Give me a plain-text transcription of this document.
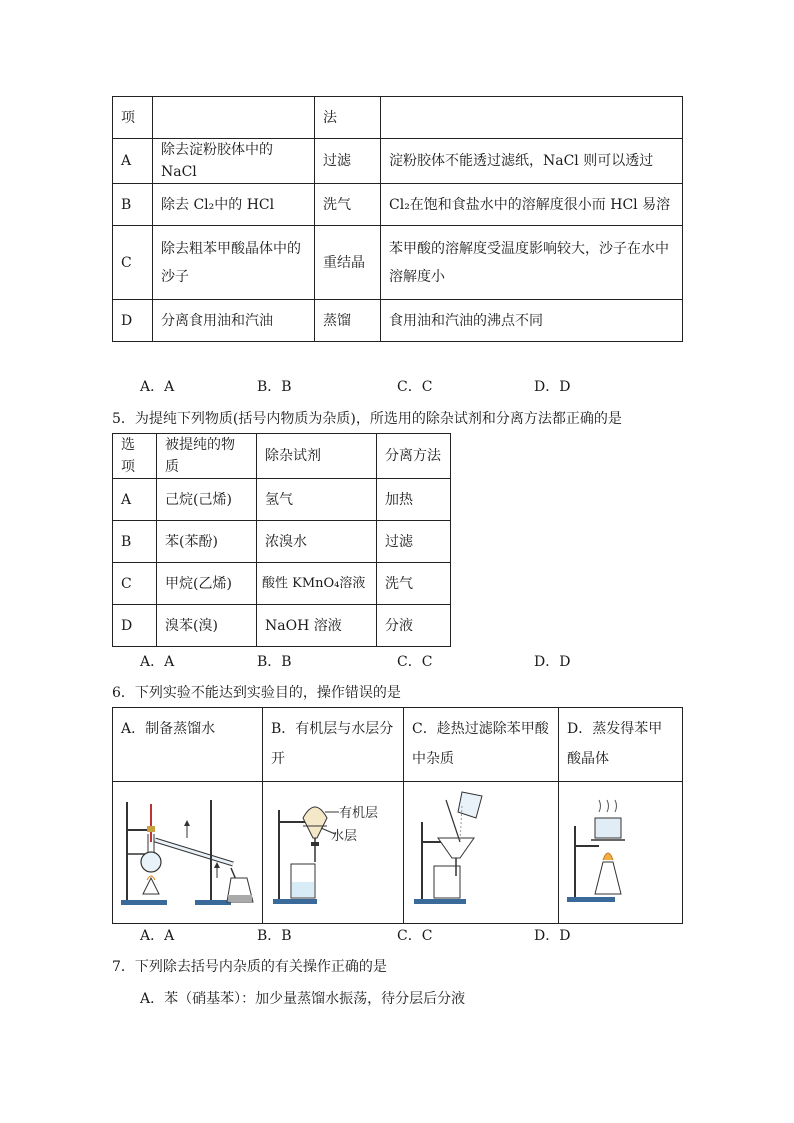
项		法	
A	除去淀粉胶体中的 NaCl	过滤	淀粉胶体不能透过滤纸，NaCl 则可以透过
B	除去 Cl₂中的 HCl	洗气	Cl₂在饱和食盐水中的溶解度很小而 HCl 易溶
C	除去粗苯甲酸晶体中的沙子	重结晶	苯甲酸的溶解度受温度影响较大，沙子在水中溶解度小
D	分离食用油和汽油	蒸馏	食用油和汽油的沸点不同
A．A	B．B	C．C	D．D
5．为提纯下列物质(括号内物质为杂质)，所选用的除杂试剂和分离方法都正确的是
选项	被提纯的物质	除杂试剂	分离方法
A	己烷(己烯)	氢气	加热
B	苯(苯酚)	浓溴水	过滤
C	甲烷(乙烯)	酸性 KMnO₄溶液	洗气
D	溴苯(溴)	NaOH 溶液	分液
A．A	B．B	C．C	D．D
6．下列实验不能达到实验目的，操作错误的是
A．制备蒸馏水	B．有机层与水层分开	C．趁热过滤除苯甲酸中杂质	D．蒸发得苯甲酸晶体

有机层
水层

A．A	B．B	C．C	D．D
7．下列除去括号内杂质的有关操作正确的是
A．苯（硝基苯）：加少量蒸馏水振荡，待分层后分液
